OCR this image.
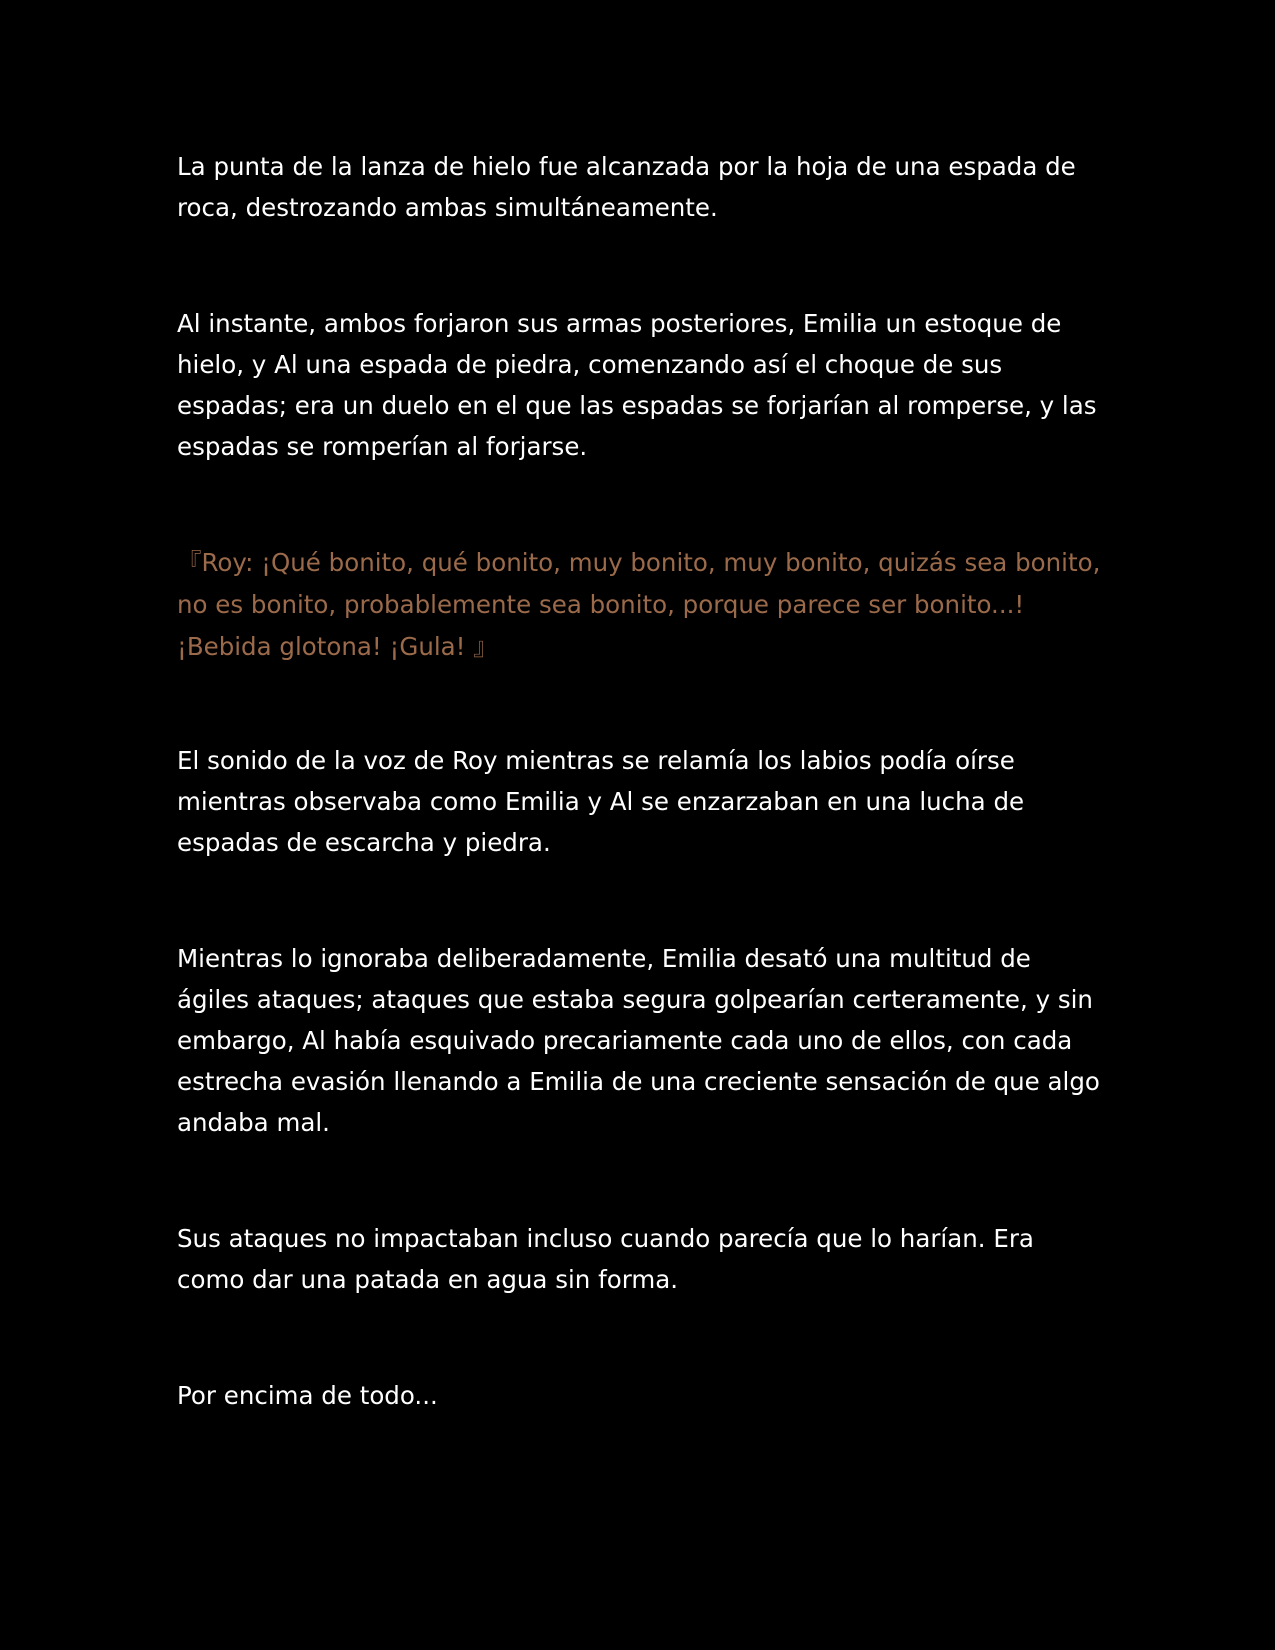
La punta de la lanza de hielo fue alcanzada por la hoja de una espada de roca, destrozando ambas simultáneamente.

Al instante, ambos forjaron sus armas posteriores, Emilia un estoque de hielo, y Al una espada de piedra, comenzando así el choque de sus espadas; era un duelo en el que las espadas se forjarían al romperse, y las espadas se romperían al forjarse.

『Roy: ¡Qué bonito, qué bonito, muy bonito, muy bonito, quizás sea bonito, no es bonito, probablemente sea bonito, porque parece ser bonito...! ¡Bebida glotona! ¡Gula! 』

El sonido de la voz de Roy mientras se relamía los labios podía oírse mientras observaba como Emilia y Al se enzarzaban en una lucha de espadas de escarcha y piedra.

Mientras lo ignoraba deliberadamente, Emilia desató una multitud de ágiles ataques; ataques que estaba segura golpearían certeramente, y sin embargo, Al había esquivado precariamente cada uno de ellos, con cada estrecha evasión llenando a Emilia de una creciente sensación de que algo andaba mal.

Sus ataques no impactaban incluso cuando parecía que lo harían. Era como dar una patada en agua sin forma.

Por encima de todo...
